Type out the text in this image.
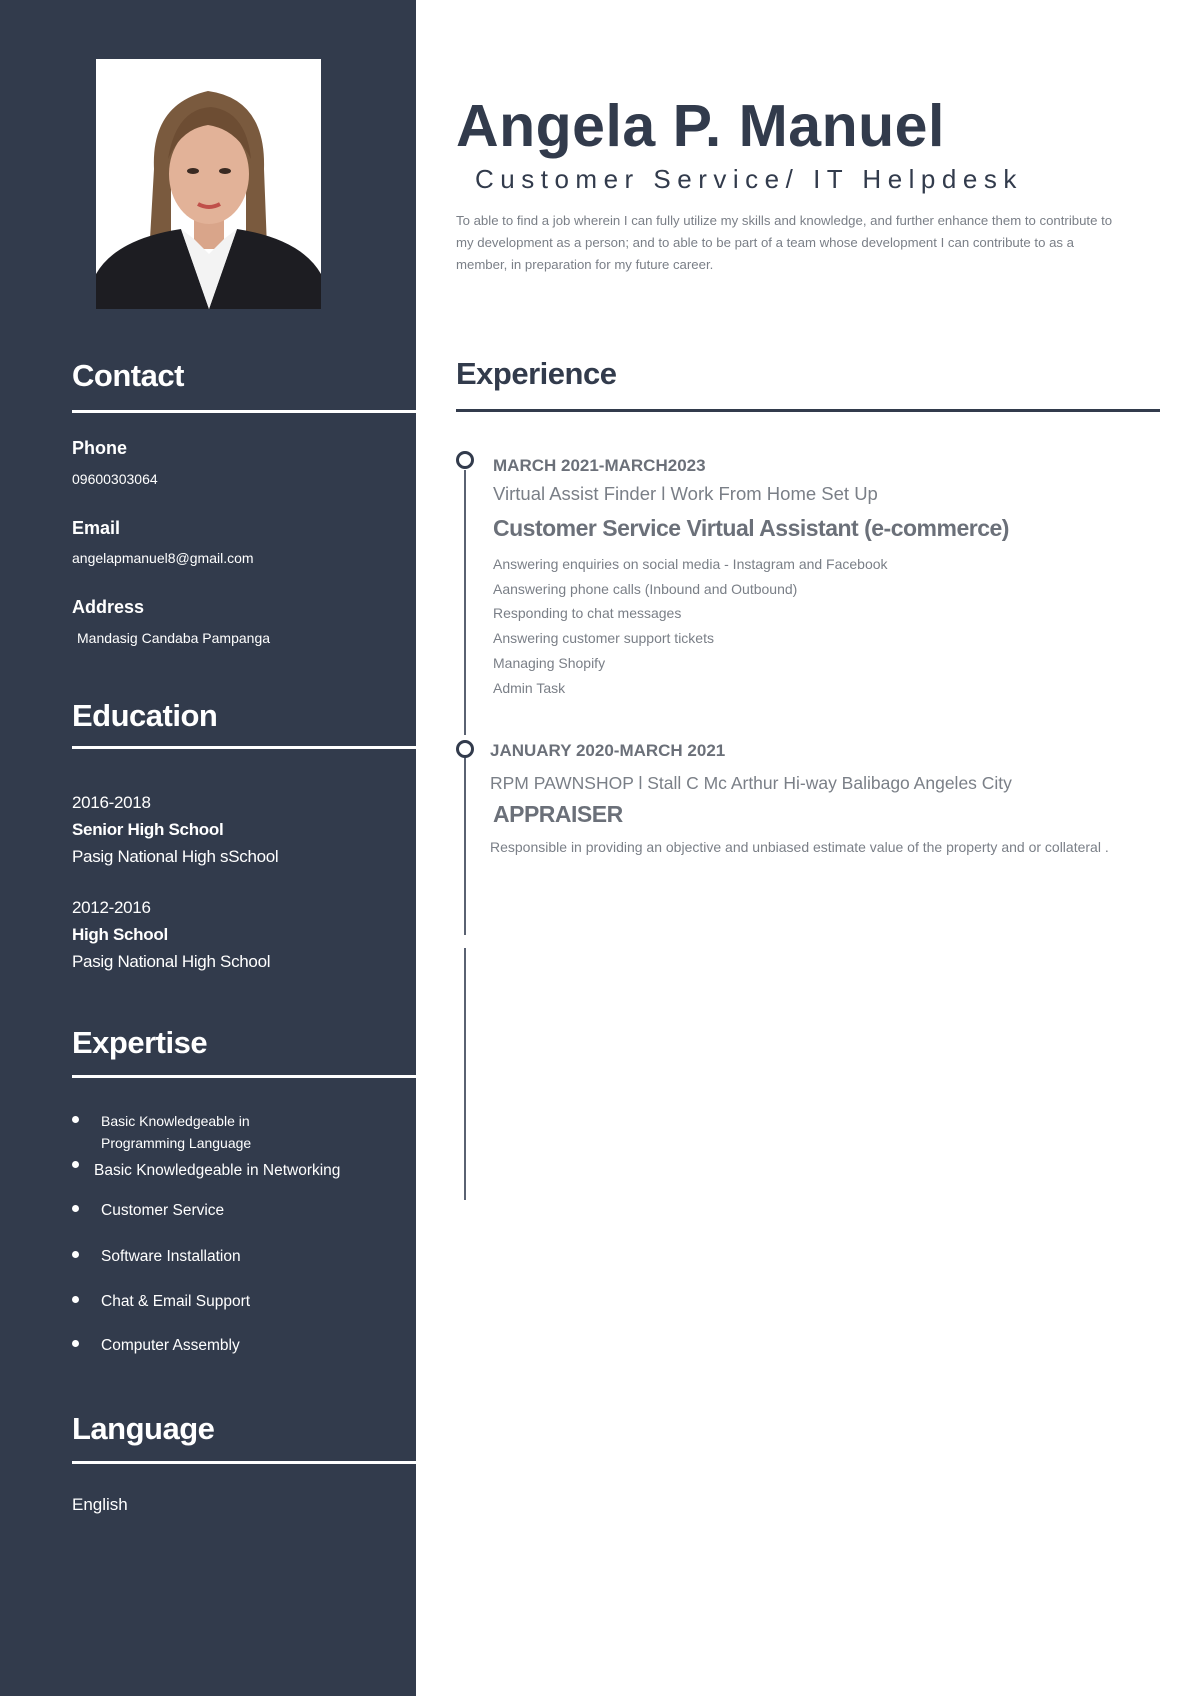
Contact
Phone
09600303064
Email
angelapmanuel8@gmail.com
Address
Mandasig Candaba Pampanga
Education
2016-2018
Senior High School
Pasig National High sSchool
2012-2016
High School
Pasig National High School
Expertise
Basic Knowledgeable in
Programming Language
Basic Knowledgeable in Networking
Customer Service
Software Installation
Chat & Email Support
Computer Assembly
Language
English
Angela P. Manuel
Customer Service/ IT Helpdesk
To able to find a job wherein I can fully utilize my skills and knowledge, and further enhance them to contribute to my development as a person; and to able to be part of a team whose development I can contribute to as a member, in preparation for my future career.
Experience
MARCH 2021-MARCH2023
Virtual Assist Finder l Work From Home Set Up
Customer Service Virtual Assistant (e-commerce)
Answering enquiries on social media - Instagram and Facebook
Aanswering phone calls (Inbound and Outbound)
Responding to chat messages
Answering customer support tickets
Managing Shopify
Admin Task
JANUARY 2020-MARCH 2021
RPM PAWNSHOP l Stall C Mc Arthur Hi-way Balibago Angeles City
APPRAISER
Responsible in providing an objective and unbiased estimate value of the property and or collateral .
